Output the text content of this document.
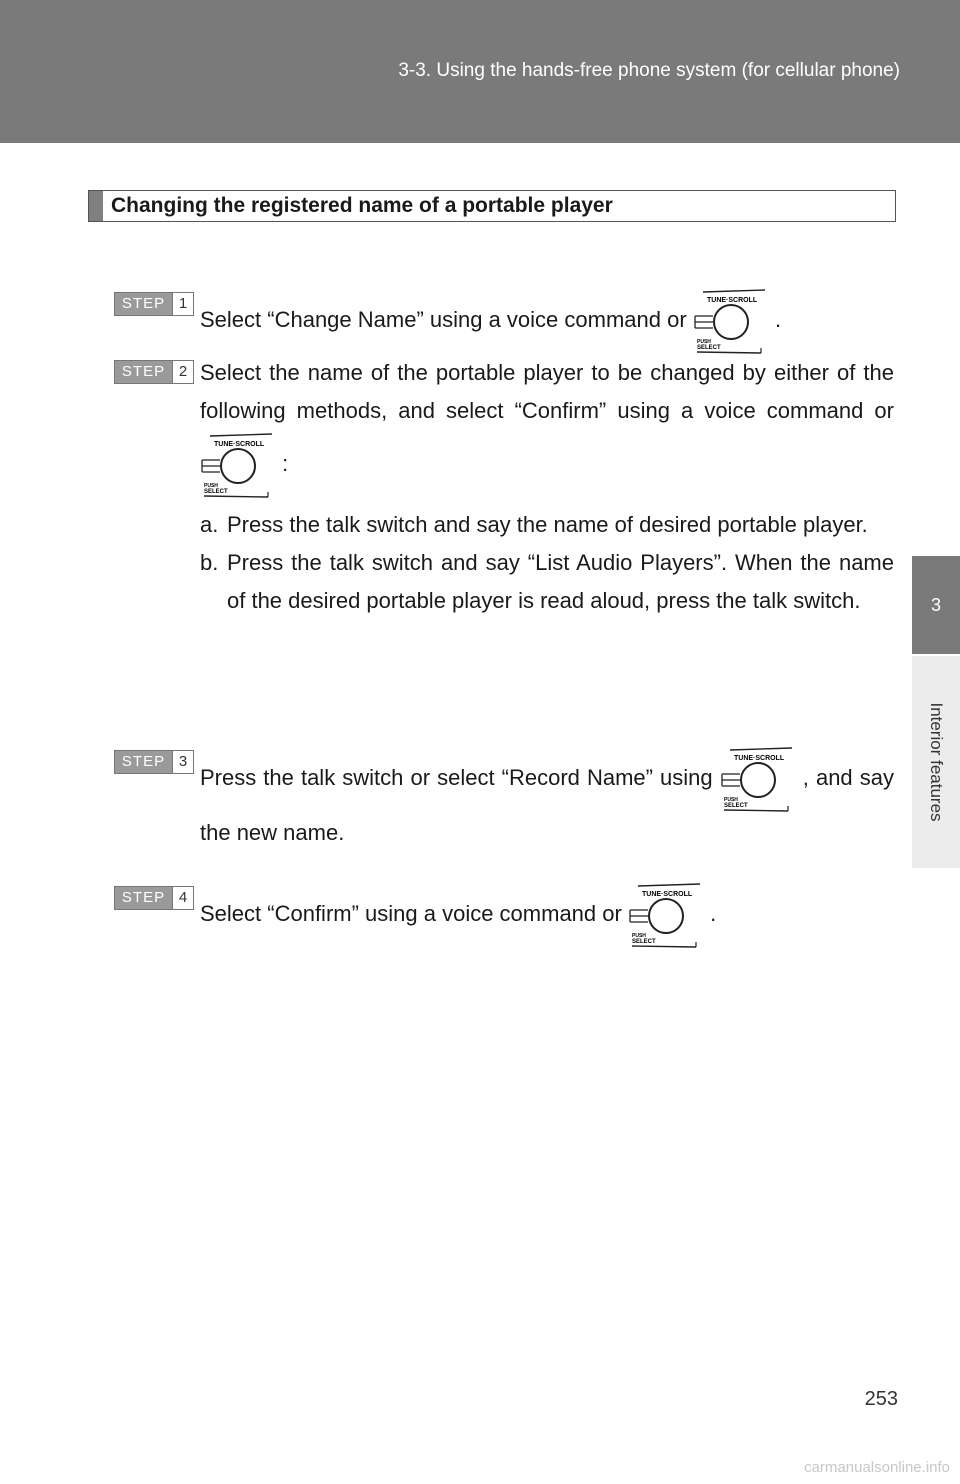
3-3. Using the hands-free phone system (for cellular phone)
3
Interior features
Changing the registered name of a portable player
STEP 1
Select “Change Name” using a voice command or
TUNE·SCROLL
PUSH
SELECT
.
STEP 2 Select the name of the portable player to be changed by either of the following methods, and select “Confirm” using a voice command or
TUNE·SCROLL
PUSH
SELECT
:
a. Press the talk switch and say the name of desired portable player.
b. Press the talk switch and say “List Audio Players”. When the name of the desired portable player is read aloud, press the talk switch.
STEP 3
Press the talk switch or select “Record Name” using
TUNE·SCROLL
PUSH
SELECT
, and say the new name.
STEP 4
Select “Confirm” using a voice command or
TUNE·SCROLL
PUSH
SELECT
.
253
carmanualsonline.info
